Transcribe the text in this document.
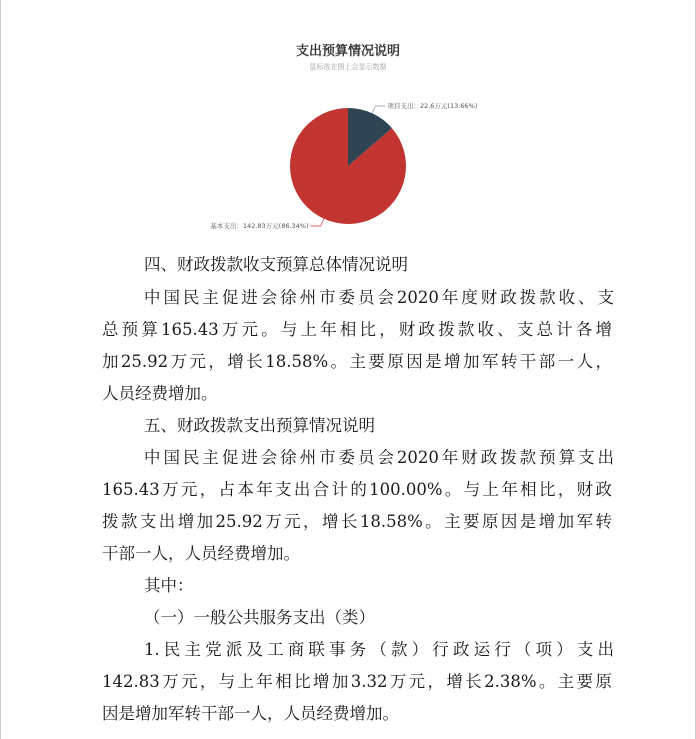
支出预算情况说明
鼠标放在图上会显示数据
基本支出：142.83万元(86.34%)
项目支出：22.6万元(13.66%)
四、财政拨款收支预算总体情况说明
中国民主促进会徐州市委员会2020年度财政拨款收、支
总预算165.43万元。与上年相比，财政拨款收、支总计各增
加25.92万元，增长18.58%。主要原因是增加军转干部一人，
人员经费增加。
五、财政拨款支出预算情况说明
中国民主促进会徐州市委员会2020年财政拨款预算支出
165.43万元，占本年支出合计的100.00%。与上年相比，财政
拨款支出增加25.92万元，增长18.58%。主要原因是增加军转
干部一人，人员经费增加。
其中：
（一）一般公共服务支出（类）
1.民主党派及工商联事务（款）行政运行（项）支出
142.83万元，与上年相比增加3.32万元，增长2.38%。主要原
因是增加军转干部一人，人员经费增加。
